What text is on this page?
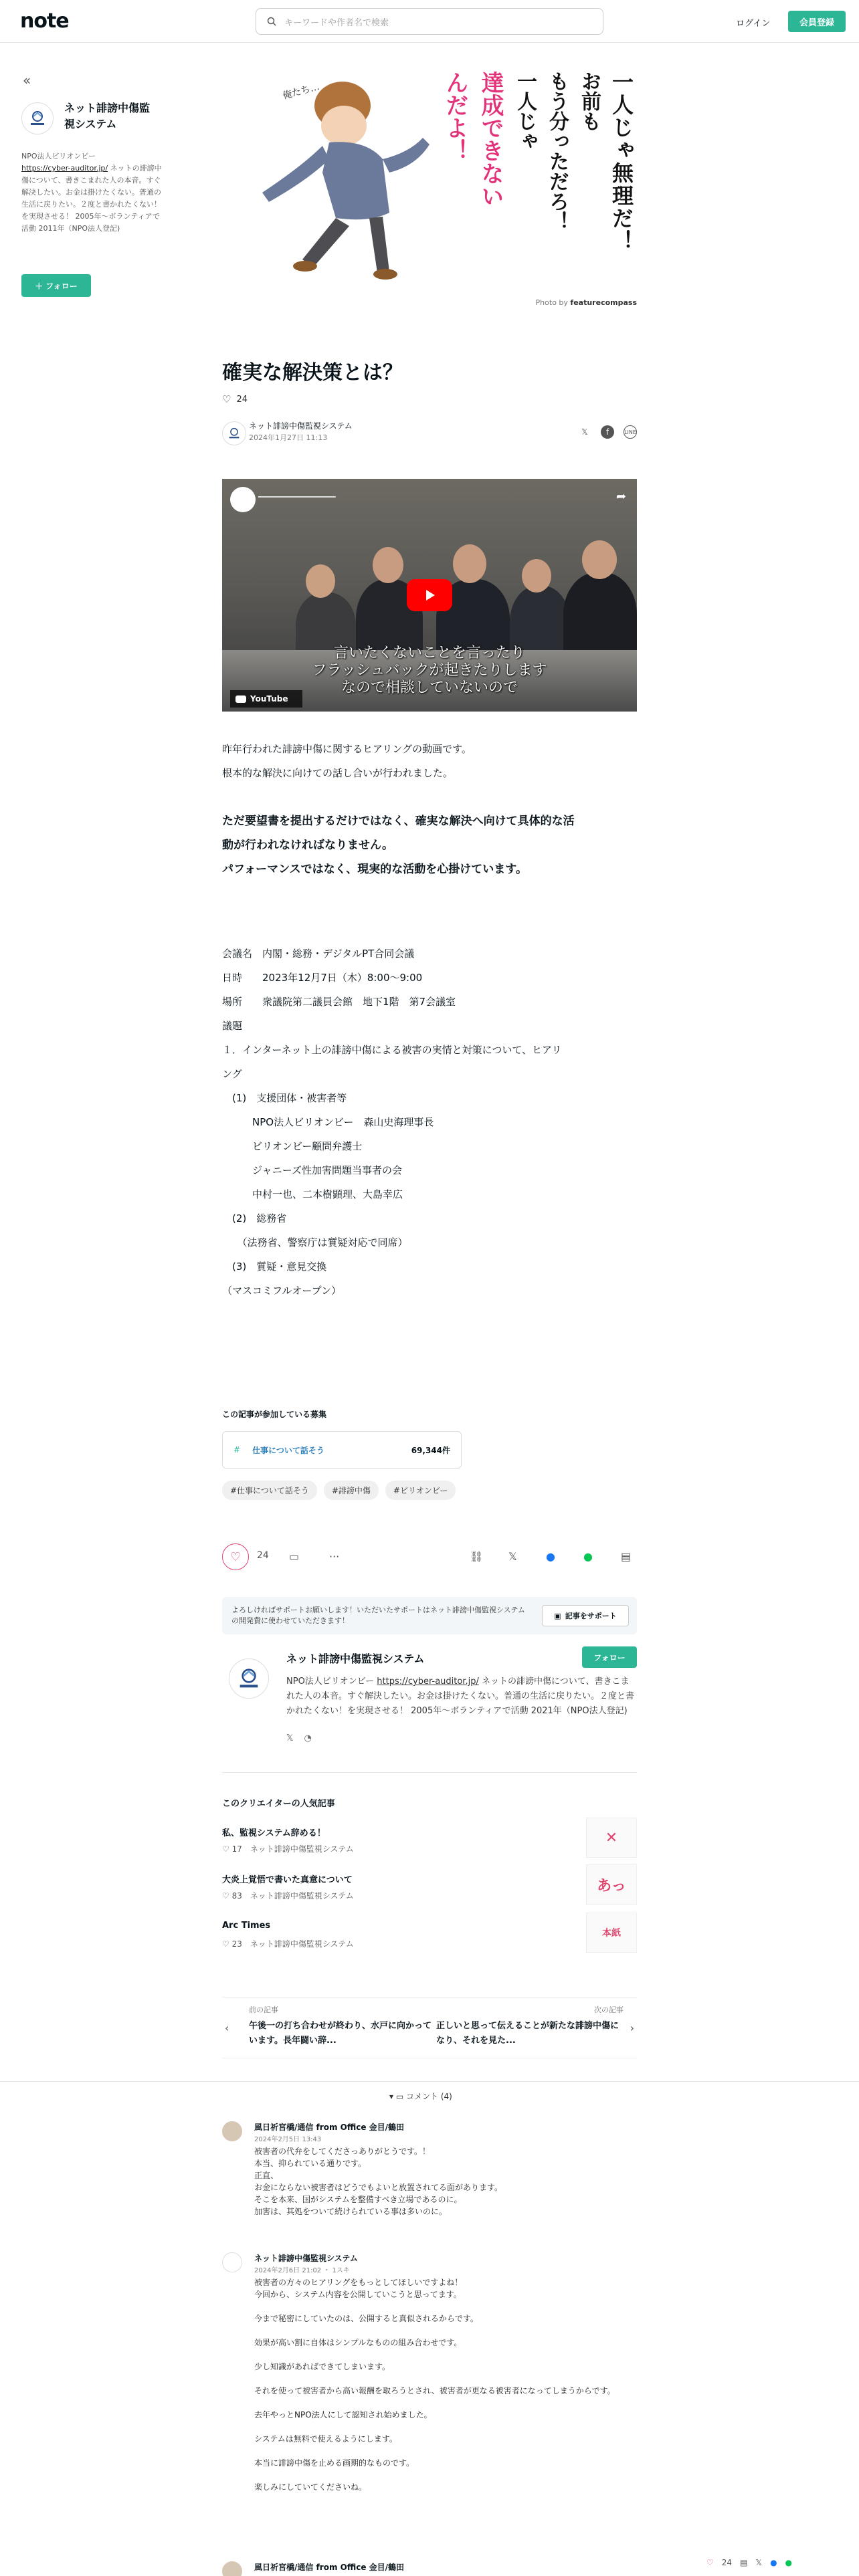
note	キーワードや作者名で検索	ログイン	会員登録
«
ネット誹謗中傷監視システム
NPO法人ビリオンビー
https://cyber-auditor.jp/ ネットの誹謗中傷について、書きこまれた人の本音。すぐ解決したい。お金は掛けたくない。普通の生活に戻りたい。２度と書かれたくない！を実現させる！ 2005年〜ボランティアで活動 2011年（NPO法人登記)
＋ フォロー
俺たち…	一人じゃ無理だ！
お前も
もう分っただろ！
一人じゃ
達成できない
んだよ！
Photo by featurecompass
確実な解決策とは？
♡ 24
ネット誹謗中傷監視システム
2024年1月27日 11:13
𝕏	f	LINE
━━━━━━━━━━━━━━━━	➦
言いたくないことを言ったり
フラッシュバックが起きたりします
なので相談していないので
YouTube
昨年行われた誹謗中傷に関するヒアリングの動画です。
根本的な解決に向けての話し合いが行われました。
ただ要望書を提出するだけではなく、確実な解決へ向けて具体的な活
動が行われなければなりません。
パフォーマンスではなく、現実的な活動を心掛けています。
会議名　内閣・総務・デジタルPT合同会議
日時　　2023年12月7日（木）8:00〜9:00
場所　　衆議院第二議員会館　地下1階　第7会議室
議題
１．インターネット上の誹謗中傷による被害の実情と対策について、ヒアリ
ング
　(1)　支援団体・被害者等
　　　NPO法人ビリオンビー　森山史海理事長
　　　ビリオンビー顧問弁護士
　　　ジャニーズ性加害問題当事者の会
　　　中村一也、二本樹顕理、大島幸広
　(2)　総務省
　　（法務省、警察庁は質疑対応で同席）
　(3)　質疑・意見交換
（マスコミフルオープン）
この記事が参加している募集
# 仕事について話そう	69,344件
#仕事について話そう	#誹謗中傷	#ビリオンビー
♡ 24 ▭	···	⛓ 𝕏	●	●	▤
よろしければサポートお願いします！いただいたサポートはネット誹謗中傷監視システムの開発費に使わせていただきます！
▣ 記事をサポート
ネット誹謗中傷監視システム	フォロー
NPO法人ビリオンビー https://cyber-auditor.jp/ ネットの誹謗中傷について、書きこまれた人の本音。すぐ解決したい。お金は掛けたくない。普通の生活に戻りたい。２度と書かれたくない！を実現させる！ 2005年〜ボランティアで活動 2021年（NPO法人登記)
𝕏 ◔
このクリエイターの人気記事
私、監視システム辞める！
♡ 17　 ネット誹謗中傷監視システム
✕
大炎上覚悟で書いた真意について
♡ 83　 ネット誹謗中傷監視システム
あっ
Arc Times
♡ 23　 ネット誹謗中傷監視システム
本紙
‹
前の記事
午後一の打ち合わせが終わり、水戸に向かっています。長年闘い辞...
次の記事
正しいと思って伝えることが新たな誹謗中傷になり、それを見た...
›
▾ ▭ コメント (4)
風日祈宮橋/通信 from Office 金目/鶴田
2024年2月5日 13:43
被害者の代弁をしてくださっありがとうです。！
本当、抑られている通りです。
正直、
お金にならない被害者はどうでもよいと放置されてる面があります。
そこを本来、国がシステムを整備すべき立場であるのに。
加害は、其処をついて続けられている事は多いのに。
ネット誹謗中傷監視システム
2024年2月6日 21:02 ・ 1スキ
被害者の方々のヒアリングをもっとしてほしいですよね！
今回から、システム内容を公開していこうと思ってます。

今まで秘密にしていたのは、公開すると真似されるからです。

効果が高い割に自体はシンプルなものの組み合わせです。

少し知識があればできてしまいます。

それを使って被害者から高い報酬を取ろうとされ、被害者が更なる被害者になってしまうからです。

去年やっとNPO法人にして認知され始めました。

システムは無料で使えるようにします。

本当に誹謗中傷を止める画期的なものです。

楽しみにしていてくださいね。
風日祈宮橋/通信 from Office 金目/鶴田	♡ 24 ▤ 𝕏 ● ●
